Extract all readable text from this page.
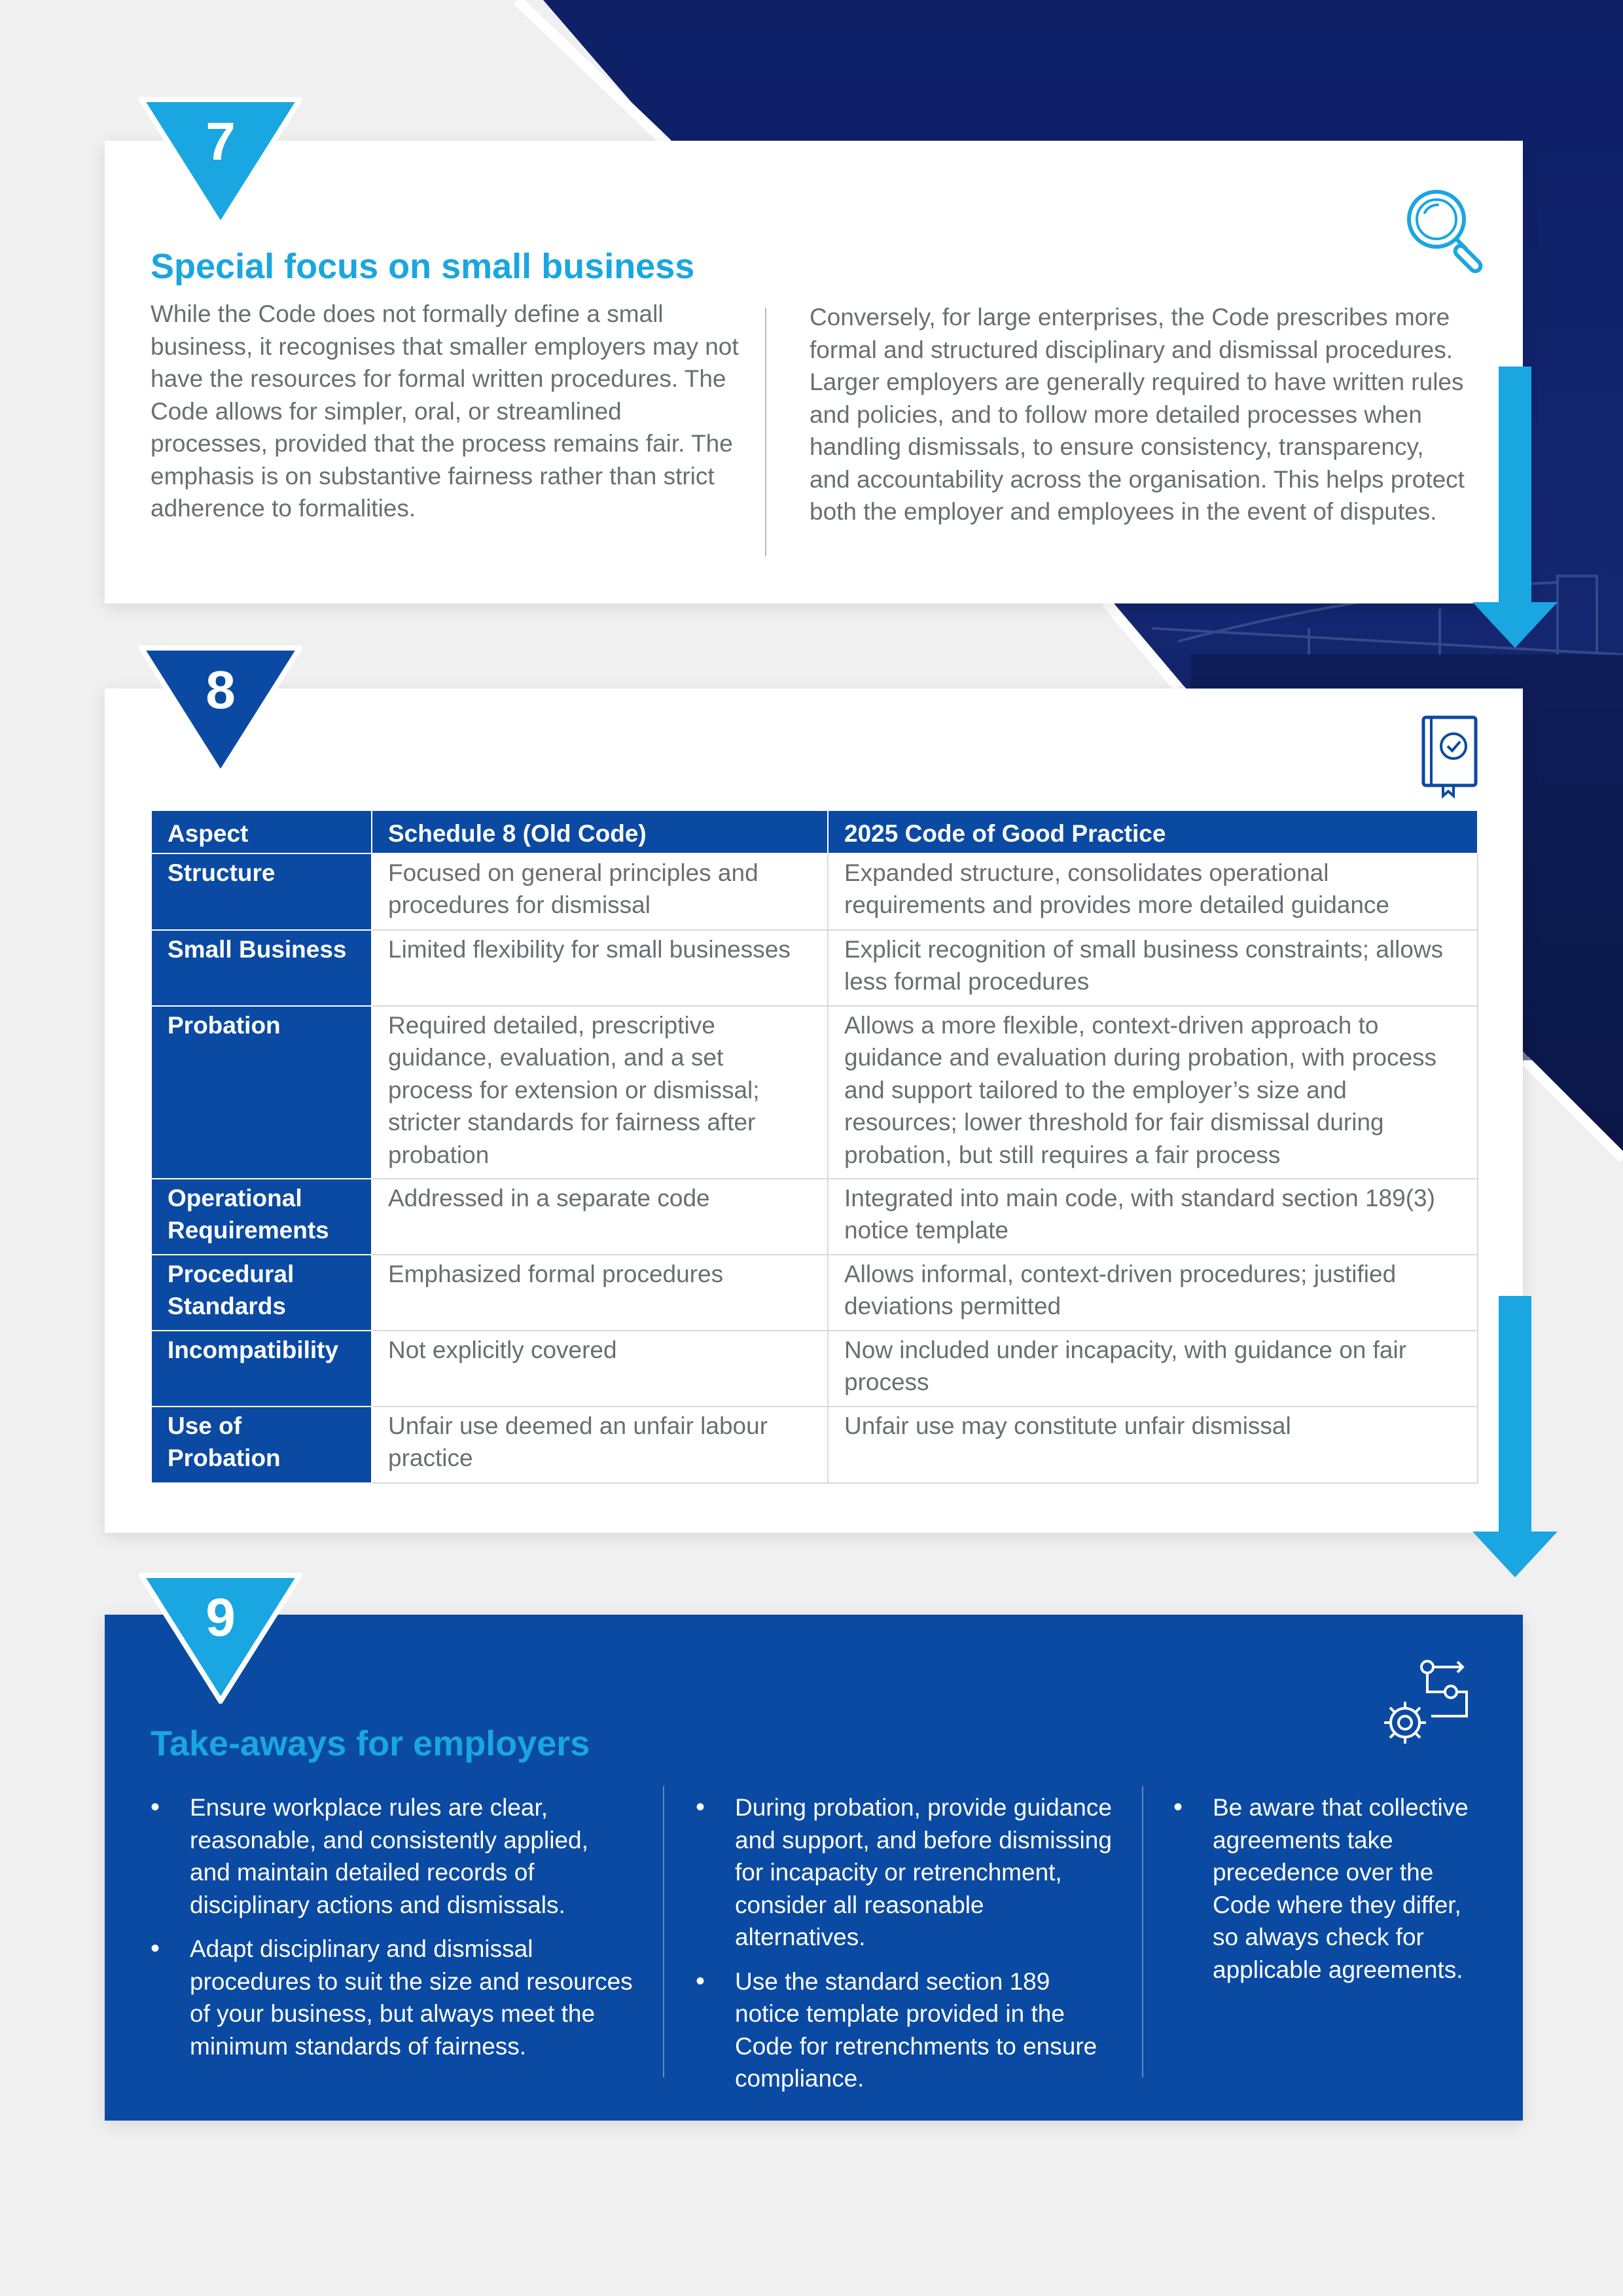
Special focus on small business

While the Code does not formally define a small business, it recognises that smaller employers may not have the resources for formal written procedures. The Code allows for simpler, oral, or streamlined processes, provided that the process remains fair. The emphasis is on substantive fairness rather than strict adherence to formalities.

Conversely, for large enterprises, the Code prescribes more formal and structured disciplinary and dismissal procedures. Larger employers are generally required to have written rules and policies, and to follow more detailed processes when handling dismissals, to ensure consistency, transparency, and accountability across the organisation. This helps protect both the employer and employees in the event of disputes.

7
Aspect	Schedule 8 (Old Code)	2025 Code of Good Practice
Structure	Focused on general principles and procedures for dismissal	Expanded structure, consolidates operational requirements and provides more detailed guidance
Small Business	Limited flexibility for small businesses	Explicit recognition of small business constraints; allows less formal procedures
Probation	Required detailed, prescriptive guidance, evaluation, and a set process for extension or dismissal; stricter standards for fairness after probation	Allows a more flexible, context-driven approach to guidance and evaluation during probation, with process and support tailored to the employer’s size and resources; lower threshold for fair dismissal during probation, but still requires a fair process
Operational Requirements	Addressed in a separate code	Integrated into main code, with standard section 189(3) notice template
Procedural Standards	Emphasized formal procedures	Allows informal, context-driven procedures; justified deviations permitted
Incompatibility	Not explicitly covered	Now included under incapacity, with guidance on fair process
Use of Probation	Unfair use deemed an unfair labour practice	Unfair use may constitute unfair dismissal
8
Take-aways for employers
• Ensure workplace rules are clear, reasonable, and consistently applied, and maintain detailed records of disciplinary actions and dismissals.
• Adapt disciplinary and dismissal procedures to suit the size and resources of your business, but always meet the minimum standards of fairness.
• During probation, provide guidance and support, and before dismissing for incapacity or retrenchment, consider all reasonable alternatives.
• Use the standard section 189 notice template provided in the Code for retrenchments to ensure compliance.
• Be aware that collective agreements take precedence over the Code where they differ, so always check for applicable agreements.
9
